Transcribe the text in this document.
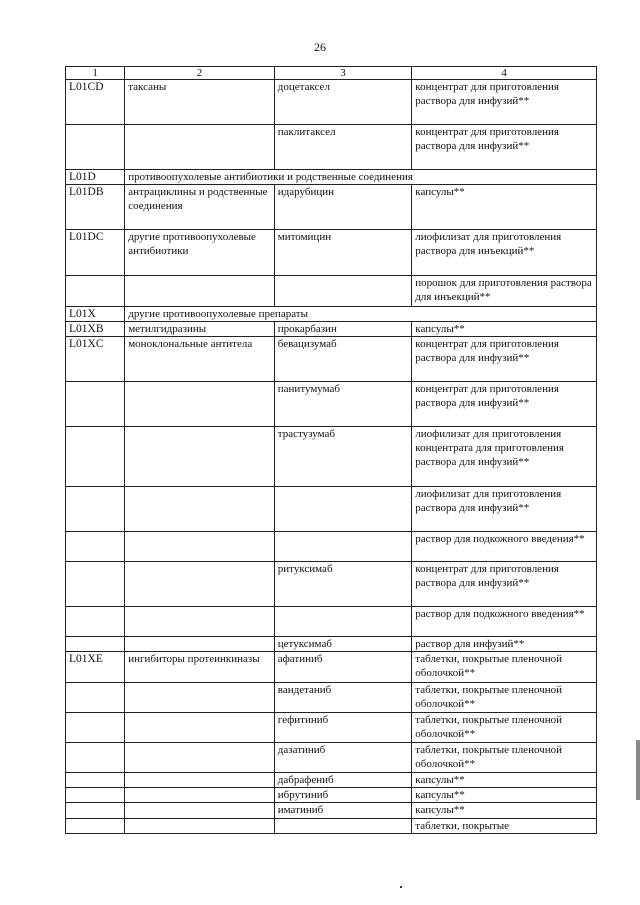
26
1	2	3	4
L01CD	таксаны	доцетаксел	концентрат для приготовления раствора для инфузий**
		паклитаксел	концентрат для приготовления раствора для инфузий**
L01D	противоопухолевые антибиотики и родственные соединения		
L01DB	антрациклины и родственные соединения	идарубицин	капсулы**
L01DC	другие противоопухолевые антибиотики	митомицин	лиофилизат для приготовления раствора для инъекций**
			порошок для приготовления раствора для инъекций**
L01X	другие противоопухолевые препараты		
L01XB	метилгидразины	прокарбазин	капсулы**
L01XC	моноклональные антитела	бевацизумаб	концентрат для приготовления раствора для инфузий**
		панитумумаб	концентрат для приготовления раствора для инфузий**
		трастузумаб	лиофилизат для приготовления концентрата для приготовления раствора для инфузий**
			лиофилизат для приготовления раствора для инфузий**
			раствор для подкожного введения**
		ритуксимаб	концентрат для приготовления раствора для инфузий**
			раствор для подкожного введения**
		цетуксимаб	раствор для инфузий**
L01XE	ингибиторы протеинкиназы	афатиниб	таблетки, покрытые пленочной оболочкой**
		вандетаниб	таблетки, покрытые пленочной оболочкой**
		гефитиниб	таблетки, покрытые пленочной оболочкой**
		дазатиниб	таблетки, покрытые пленочной оболочкой**
		дабрафениб	капсулы**
		ибрутиниб	капсулы**
		иматиниб	капсулы**
			таблетки, покрытые
